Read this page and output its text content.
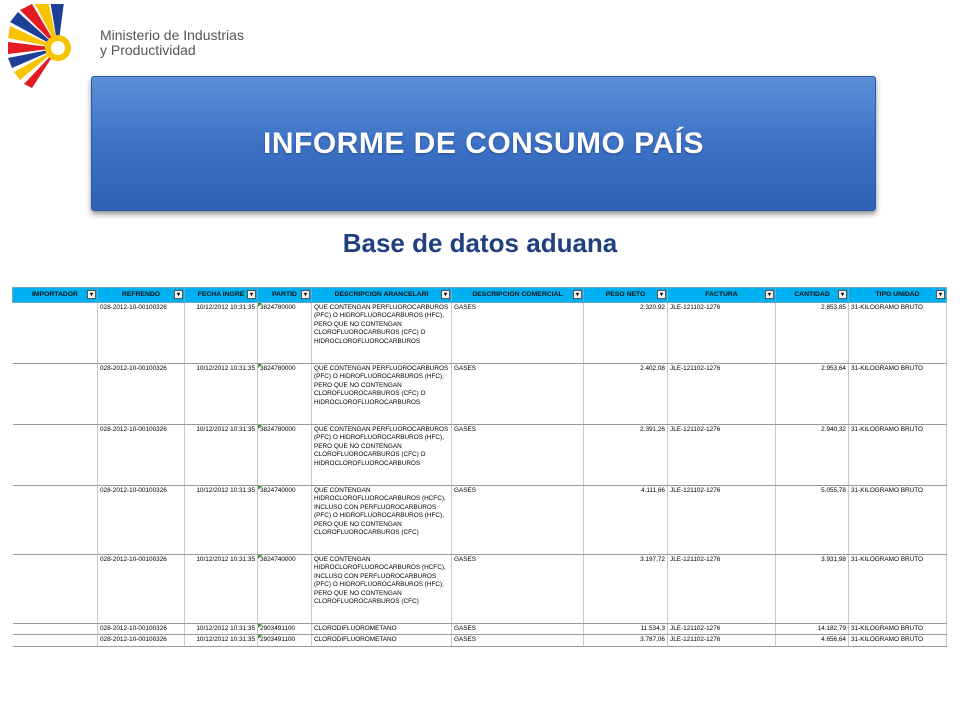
Ministerio de Industrias
y Productividad
INFORME DE CONSUMO PAÍS
Base de datos aduana
IMPORTADOR ▾	REFRENDO ▾	FECHA INGRE ▾	PARTID ▾	DESCRIPCION ARANCELARI ▾	DESCRIPCION COMERCIAL ▾	PESO NETO ▾	FACTURA ▾	CANTIDAD ▾	TIPO UNIDAD ▾

	028-2012-10-00100326	10/12/2012 10:31:35	3824780000	QUE CONTENGAN PERFLUOROCARBUROS (PFC) O HIDROFLUOROCARBUROS (HFC), PERO QUE NO CONTENGAN CLOROFLUOROCARBUROS (CFC) O HIDROCLOROFLUOROCARBUROS	GASES	2.320,92	JLE-121102-1276	2.853,85	31-KILOGRAMO BRUTO
	028-2012-10-00100326	10/12/2012 10:31:35	3824780000	QUE CONTENGAN PERFLUOROCARBUROS (PFC) O HIDROFLUOROCARBUROS (HFC), PERO QUE NO CONTENGAN CLOROFLUOROCARBUROS (CFC) O HIDROCLOROFLUOROCARBUROS	GASES	2.402,08	JLE-121102-1276	2.953,64	31-KILOGRAMO BRUTO
	028-2012-10-00100326	10/12/2012 10:31:35	3824780000	QUE CONTENGAN PERFLUOROCARBUROS (PFC) O HIDROFLUOROCARBUROS (HFC), PERO QUE NO CONTENGAN CLOROFLUOROCARBUROS (CFC) O HIDROCLOROFLUOROCARBUROS	GASES	2.391,26	JLE-121102-1276	2.940,32	31-KILOGRAMO BRUTO
	028-2012-10-00100326	10/12/2012 10:31:35	3824740000	QUE CONTENGAN HIDROCLOROFLUOROCARBUROS (HCFC), INCLUSO CON PERFLUOROCARBUROS (PFC) O HIDROFLUOROCARBUROS (HFC), PERO QUE NO CONTENGAN CLOROFLUOROCARBUROS (CFC)	GASES	4.111,66	JLE-121102-1276	5.055,78	31-KILOGRAMO BRUTO
	028-2012-10-00100326	10/12/2012 10:31:35	3824740000	QUE CONTENGAN HIDROCLOROFLUOROCARBUROS (HCFC), INCLUSO CON PERFLUOROCARBUROS (PFC) O HIDROFLUOROCARBUROS (HFC), PERO QUE NO CONTENGAN CLOROFLUOROCARBUROS (CFC)	GASES	3.197,72	JLE-121102-1276	3.931,98	31-KILOGRAMO BRUTO
	028-2012-10-00100326	10/12/2012 10:31:35	2903491100	CLORODIFLUOROMETANO	GASES	11.534,3	JLE-121102-1276	14.182,79	31-KILOGRAMO BRUTO
	028-2012-10-00100326	10/12/2012 10:31:35	2903491100	CLORODIFLUOROMETANO	GASES	3.787,06	JLE-121102-1276	4.656,64	31-KILOGRAMO BRUTO
